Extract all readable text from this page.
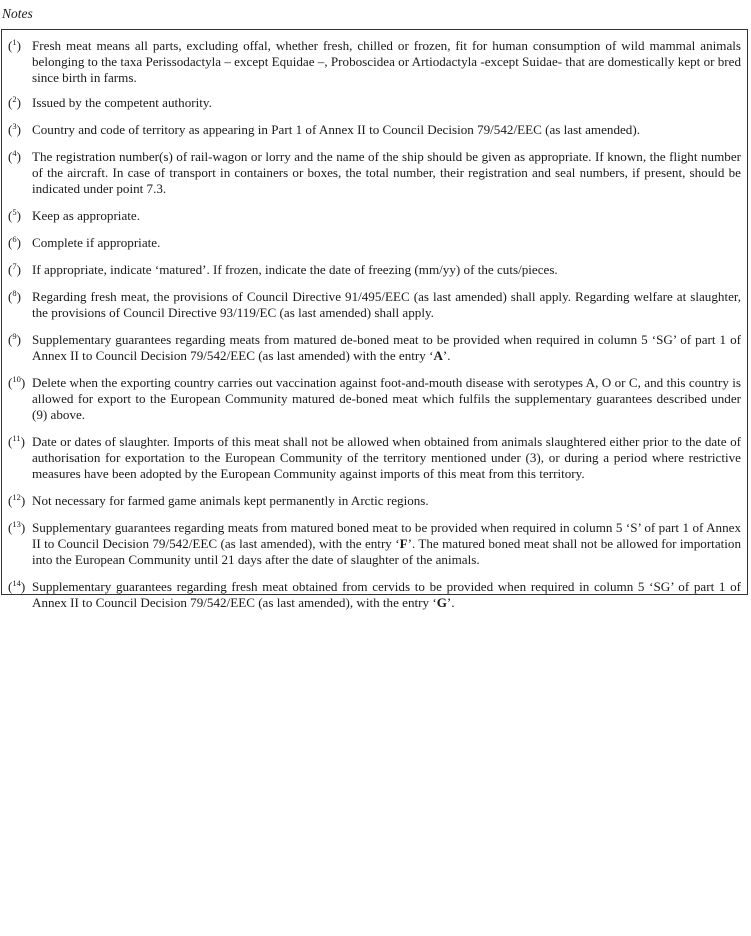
Notes
($^1$) Fresh meat means all parts, excluding offal, whether fresh, chilled or frozen, fit for human consumption of wild mammal animals belonging to the taxa Perissodactyla – except Equidae –, Proboscidea or Artiodactyla -except Suidae- that are domestically kept or bred since birth in farms.
($^2$) Issued by the competent authority.
($^3$) Country and code of territory as appearing in Part 1 of Annex II to Council Decision 79/542/EEC (as last amended).
($^4$) The registration number(s) of rail-wagon or lorry and the name of the ship should be given as appropriate. If known, the flight number of the aircraft. In case of transport in containers or boxes, the total number, their registration and seal numbers, if present, should be indicated under point 7.3.
($^5$) Keep as appropriate.
($^6$) Complete if appropriate.
($^7$) If appropriate, indicate ‘matured’. If frozen, indicate the date of freezing (mm/yy) of the cuts/pieces.
($^8$) Regarding fresh meat, the provisions of Council Directive 91/495/EEC (as last amended) shall apply. Regarding welfare at slaughter, the provisions of Council Directive 93/119/EC (as last amended) shall apply.
($^9$) Supplementary guarantees regarding meats from matured de-boned meat to be provided when required in column 5 ‘SG’ of part 1 of Annex II to Council Decision 79/542/EEC (as last amended) with the entry ‘A’.
($^{10}$) Delete when the exporting country carries out vaccination against foot-and-mouth disease with serotypes A, O or C, and this country is allowed for export to the European Community matured de-boned meat which fulfils the supplementary guarantees described under (9) above.
($^{11}$) Date or dates of slaughter. Imports of this meat shall not be allowed when obtained from animals slaughtered either prior to the date of authorisation for exportation to the European Community of the territory mentioned under (3), or during a period where restrictive measures have been adopted by the European Community against imports of this meat from this territory.
($^{12}$) Not necessary for farmed game animals kept permanently in Arctic regions.
($^{13}$) Supplementary guarantees regarding meats from matured boned meat to be provided when required in column 5 ‘S’ of part 1 of Annex II to Council Decision 79/542/EEC (as last amended), with the entry ‘F’. The matured boned meat shall not be allowed for importation into the European Community until 21 days after the date of slaughter of the animals.
($^{14}$) Supplementary guarantees regarding fresh meat obtained from cervids to be provided when required in column 5 ‘SG’ of part 1 of Annex II to Council Decision 79/542/EEC (as last amended), with the entry ‘G’.
